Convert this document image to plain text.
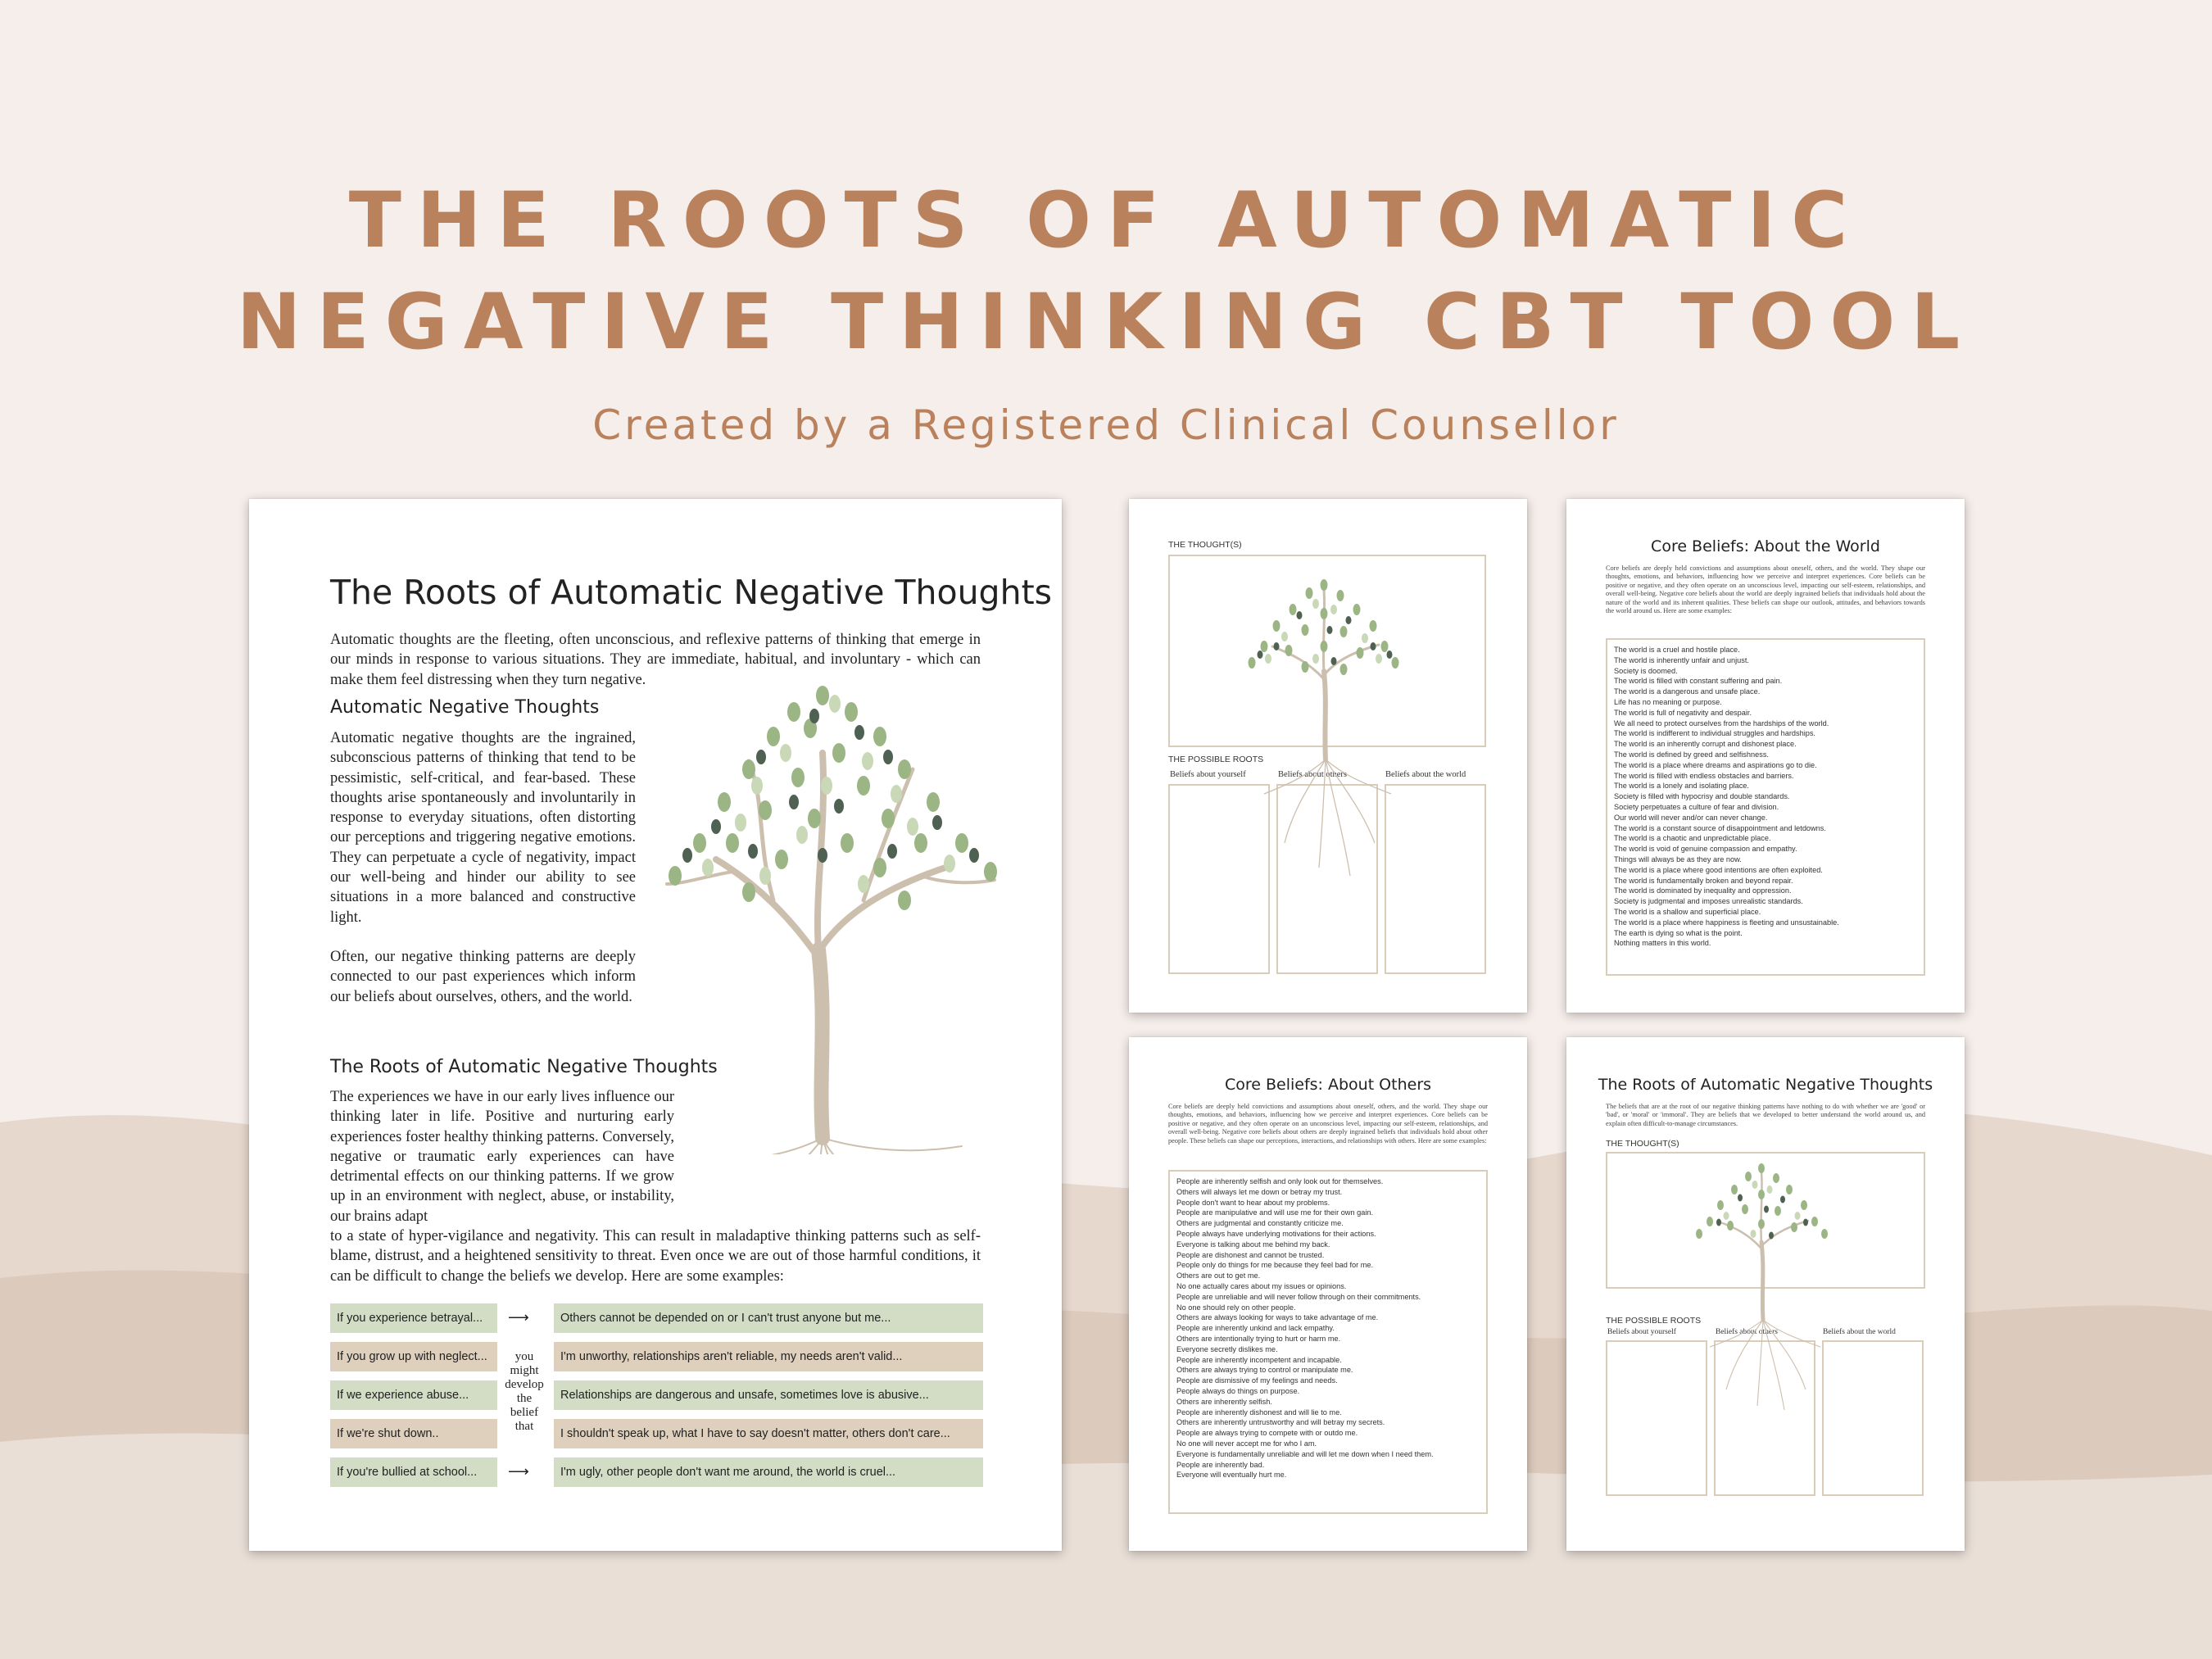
THE ROOTS OF AUTOMATIC
NEGATIVE THINKING CBT TOOL
Created by a Registered Clinical Counsellor
The Roots of Automatic Negative Thoughts
Automatic thoughts are the fleeting, often unconscious, and reflexive patterns of thinking that emerge in our minds in response to various situations. They are immediate, habitual, and involuntary - which can make them feel distressing when they turn negative.
Automatic Negative Thoughts

Automatic negative thoughts are the ingrained, subconscious patterns of thinking that tend to be pessimistic, self-critical, and fear-based. These thoughts arise spontaneously and involuntarily in response to everyday situations, often distorting our perceptions and triggering negative emotions. They can perpetuate a cycle of negativity, impact our well-being and hinder our ability to see situations in a more balanced and constructive light.

Often, our negative thinking patterns are deeply connected to our past experiences which inform our beliefs about ourselves, others, and the world.

The Roots of Automatic Negative Thoughts
The experiences we have in our early lives influence our thinking later in life. Positive and nurturing early experiences foster healthy thinking patterns. Conversely, negative or traumatic early experiences can have detrimental effects on our thinking patterns. If we grow up in an environment with neglect, abuse, or instability, our brains adapt
to a state of hyper-vigilance and negativity. This can result in maladaptive thinking patterns such as self-blame, distrust, and a heightened sensitivity to threat. Even once we are out of those harmful conditions, it can be difficult to change the beliefs we develop. Here are some examples:
If you experience betrayal...	Others cannot be depended on or I can't trust anyone but me...
If you grow up with neglect...	I'm unworthy, relationships aren't reliable, my needs aren't valid...
If we experience abuse...	Relationships are dangerous and unsafe, sometimes love is abusive...
If we're shut down..	I shouldn't speak up, what I have to say doesn't matter, others don't care...
If you're bullied at school...	I'm ugly, other people don't want me around, the world is cruel...
⟶
⟶
you might develop the belief that
THE THOUGHT(S)
THE POSSIBLE ROOTS
Beliefs about yourself	Beliefs about others	Beliefs about the world
Core Beliefs: About the World
Core beliefs are deeply held convictions and assumptions about oneself, others, and the world. They shape our thoughts, emotions, and behaviors, influencing how we perceive and interpret experiences. Core beliefs can be positive or negative, and they often operate on an unconscious level, impacting our self-esteem, relationships, and overall well-being. Negative core beliefs about the world are deeply ingrained beliefs that individuals hold about the nature of the world and its inherent qualities. These beliefs can shape our outlook, attitudes, and behaviors towards the world around us. Here are some examples:
The world is a cruel and hostile place.
The world is inherently unfair and unjust.
Society is doomed.
The world is filled with constant suffering and pain.
The world is a dangerous and unsafe place.
Life has no meaning or purpose.
The world is full of negativity and despair.
We all need to protect ourselves from the hardships of the world.
The world is indifferent to individual struggles and hardships.
The world is an inherently corrupt and dishonest place.
The world is defined by greed and selfishness.
The world is a place where dreams and aspirations go to die.
The world is filled with endless obstacles and barriers.
The world is a lonely and isolating place.
Society is filled with hypocrisy and double standards.
Society perpetuates a culture of fear and division.
Our world will never and/or can never change.
The world is a constant source of disappointment and letdowns.
The world is a chaotic and unpredictable place.
The world is void of genuine compassion and empathy.
Things will always be as they are now.
The world is a place where good intentions are often exploited.
The world is fundamentally broken and beyond repair.
The world is dominated by inequality and oppression.
Society is judgmental and imposes unrealistic standards.
The world is a shallow and superficial place.
The world is a place where happiness is fleeting and unsustainable.
The earth is dying so what is the point.
Nothing matters in this world.
Core Beliefs: About Others
Core beliefs are deeply held convictions and assumptions about oneself, others, and the world. They shape our thoughts, emotions, and behaviors, influencing how we perceive and interpret experiences. Core beliefs can be positive or negative, and they often operate on an unconscious level, impacting our self-esteem, relationships, and overall well-being. Negative core beliefs about others are deeply ingrained beliefs that individuals hold about other people. These beliefs can shape our perceptions, interactions, and relationships with others. Here are some examples:
People are inherently selfish and only look out for themselves.
Others will always let me down or betray my trust.
People don't want to hear about my problems.
People are manipulative and will use me for their own gain.
Others are judgmental and constantly criticize me.
People always have underlying motivations for their actions.
Everyone is talking about me behind my back.
People are dishonest and cannot be trusted.
People only do things for me because they feel bad for me.
Others are out to get me.
No one actually cares about my issues or opinions.
People are unreliable and will never follow through on their commitments.
No one should rely on other people.
Others are always looking for ways to take advantage of me.
People are inherently unkind and lack empathy.
Others are intentionally trying to hurt or harm me.
Everyone secretly dislikes me.
People are inherently incompetent and incapable.
Others are always trying to control or manipulate me.
People are dismissive of my feelings and needs.
People always do things on purpose.
Others are inherently selfish.
People are inherently dishonest and will lie to me.
Others are inherently untrustworthy and will betray my secrets.
People are always trying to compete with or outdo me.
No one will never accept me for who I am.
Everyone is fundamentally unreliable and will let me down when I need them.
People are inherently bad.
Everyone will eventually hurt me.
The Roots of Automatic Negative Thoughts
The beliefs that are at the root of our negative thinking patterns have nothing to do with whether we are 'good' or 'bad', or 'moral' or 'immoral'. They are beliefs that we developed to better understand the world around us, and explain often difficult-to-manage circumstances.
THE THOUGHT(S)
THE POSSIBLE ROOTS
Beliefs about yourself	Beliefs about others	Beliefs about the world
